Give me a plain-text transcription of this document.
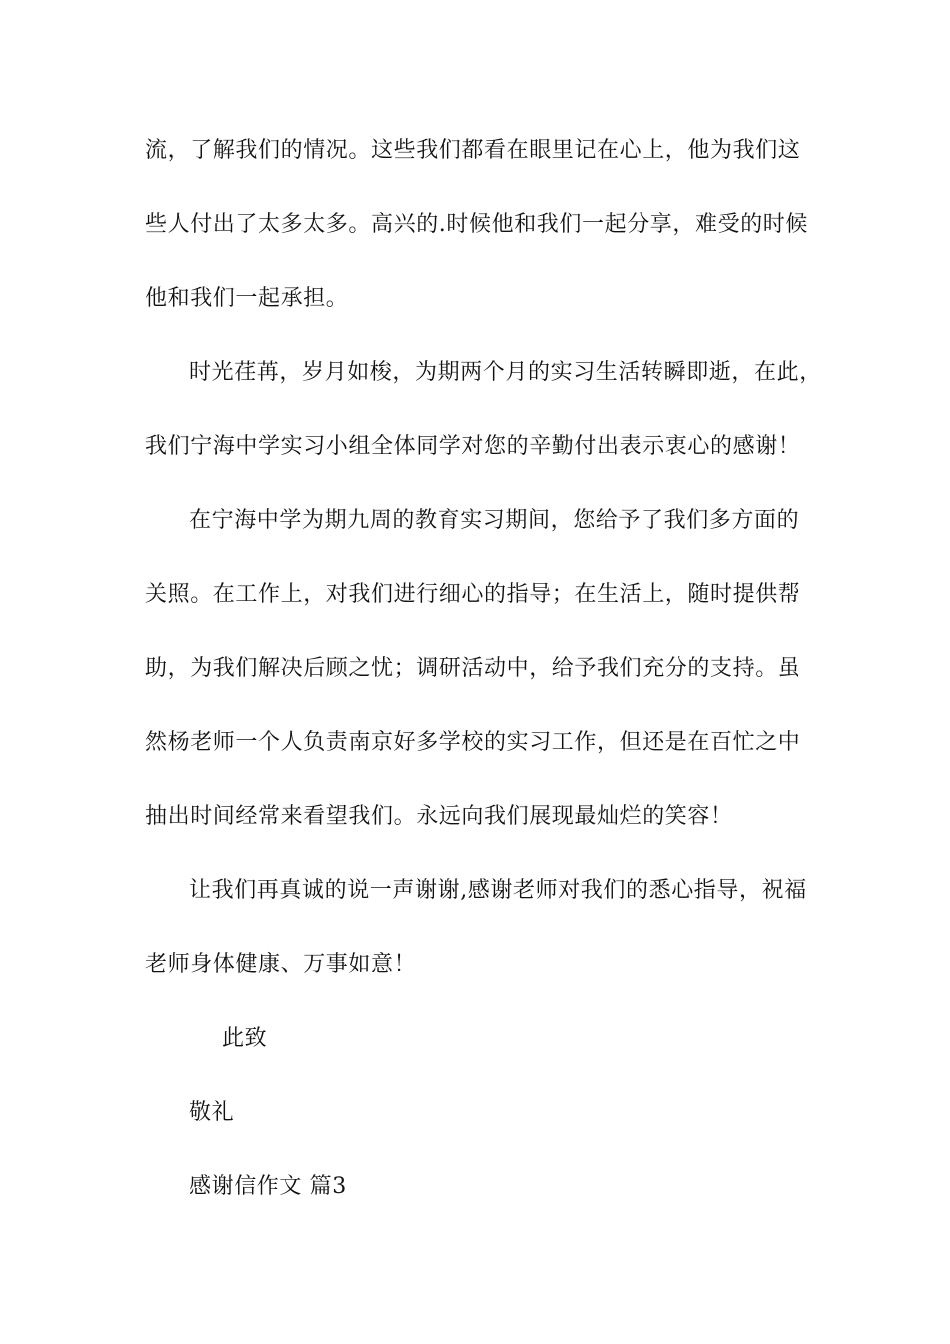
流，了解我们的情况。这些我们都看在眼里记在心上，他为我们这
些人付出了太多太多。高兴的.时候他和我们一起分享，难受的时候
他和我们一起承担。
时光荏苒，岁月如梭，为期两个月的实习生活转瞬即逝，在此，
我们宁海中学实习小组全体同学对您的辛勤付出表示衷心的感谢！
在宁海中学为期九周的教育实习期间，您给予了我们多方面的
关照。在工作上，对我们进行细心的指导；在生活上，随时提供帮
助，为我们解决后顾之忧；调研活动中，给予我们充分的支持。虽
然杨老师一个人负责南京好多学校的实习工作，但还是在百忙之中
抽出时间经常来看望我们。永远向我们展现最灿烂的笑容！
让我们再真诚的说一声谢谢,感谢老师对我们的悉心指导，祝福
老师身体健康、万事如意！
此致
敬礼
感谢信作文 篇3
